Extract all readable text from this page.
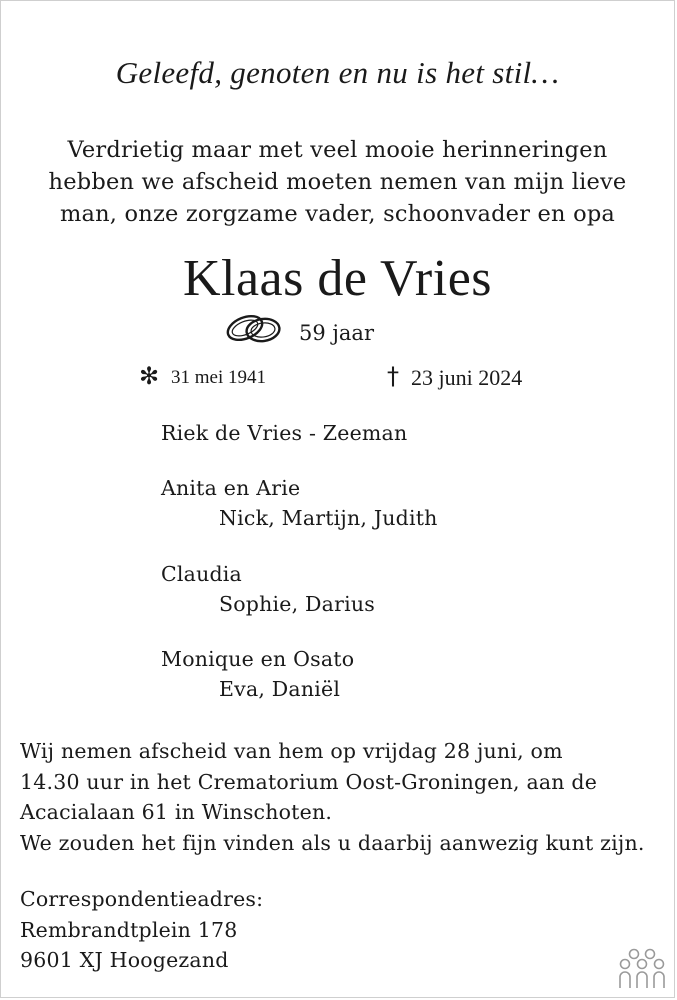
Geleefd, genoten en nu is het stil…
Verdrietig maar met veel mooie herinneringen
hebben we afscheid moeten nemen van mijn lieve
man, onze zorgzame vader, schoonvader en opa
Klaas de Vries
59 jaar
✻ 31 mei 1941	† 23 juni 2024
Riek de Vries - Zeeman
Anita en Arie
Nick, Martijn, Judith
Claudia
Sophie, Darius
Monique en Osato
Eva, Daniël
Wij nemen afscheid van hem op vrijdag 28 juni, om
14.30 uur in het Crematorium Oost-Groningen, aan de
Acacialaan 61 in Winschoten.
We zouden het fijn vinden als u daarbij aanwezig kunt zijn.
Correspondentieadres:
Rembrandtplein 178
9601 XJ Hoogezand
